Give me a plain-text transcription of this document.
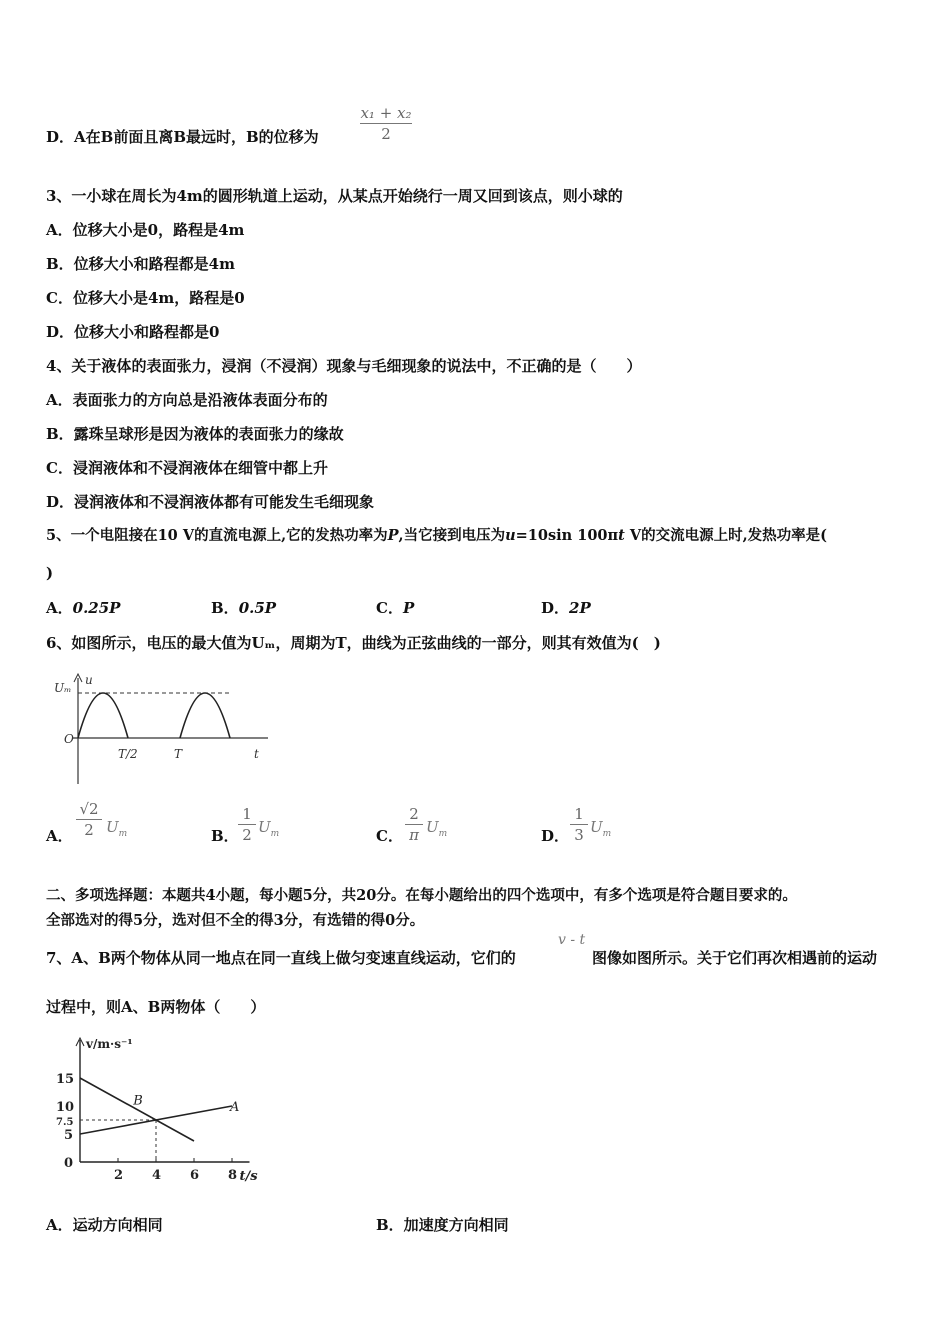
D．A在B前面且离B最远时，B的位移为
x₁ + x₂
2
3、一小球在周长为4m的圆形轨道上运动，从某点开始绕行一周又回到该点，则小球的
A．位移大小是0，路程是4m
B．位移大小和路程都是4m
C．位移大小是4m，路程是0
D．位移大小和路程都是0
4、关于液体的表面张力，浸润（不浸润）现象与毛细现象的说法中，不正确的是（　　）
A．表面张力的方向总是沿液体表面分布的
B．露珠呈球形是因为液体的表面张力的缘故
C．浸润液体和不浸润液体在细管中都上升
D．浸润液体和不浸润液体都有可能发生毛细现象
5、一个电阻接在10 V的直流电源上,它的发热功率为P,当它接到电压为u=10sin 100πt V的交流电源上时,发热功率是(
)
A．0.25P	B．0.5P	C．P	D．2P
6、如图所示，电压的最大值为Uₘ，周期为T，曲线为正弦曲线的一部分，则其有效值为(　)
Uₘ
u
O
T/2	T	t
A．
√2
2 $U_m$	B．
1
2 $U_m$	C．
2
π $U_m$	D．
1
3 $U_m$
二、多项选择题：本题共4小题，每小题5分，共20分。在每小题给出的四个选项中，有多个选项是符合题目要求的。
全部选对的得5分，选对但不全的得3分，有选错的得0分。
7、A、B两个物体从同一地点在同一直线上做匀变速直线运动，它们的
v - t
图像如图所示。关于它们再次相遇前的运动
过程中，则A、B两物体（　　）
v/m·s⁻¹
t/s
2 4 6 8
15
10
7.5
5
0
A
B
A．运动方向相同	B．加速度方向相同
